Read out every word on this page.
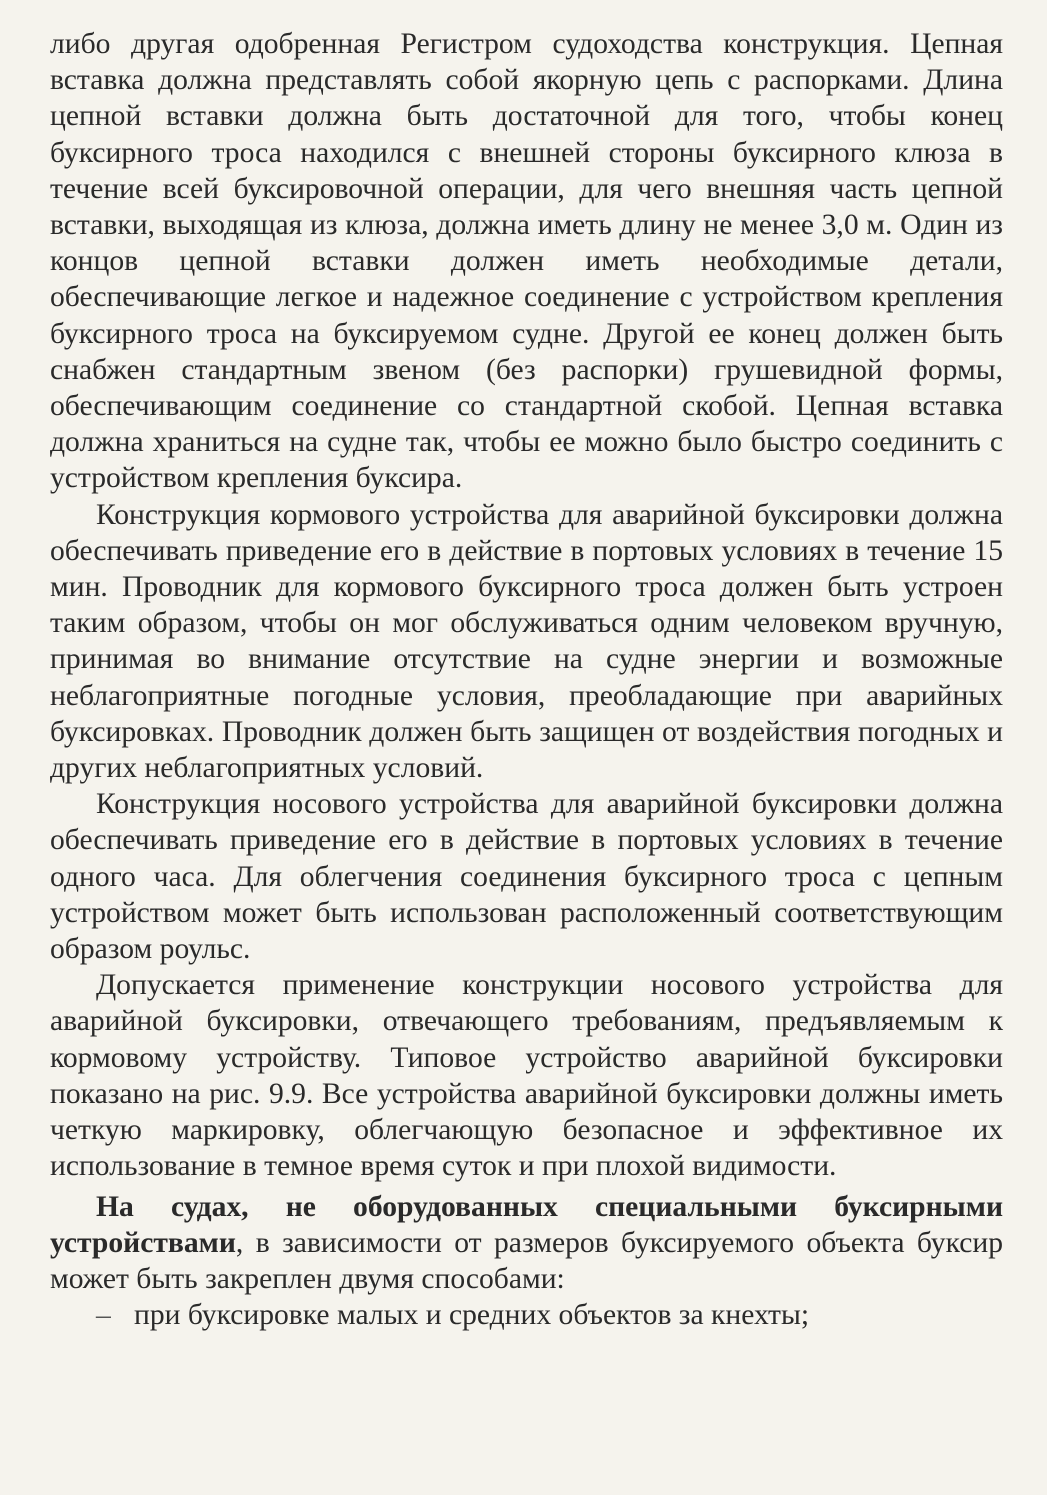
либо другая одобренная Регистром судоходства конструкция. Цепная вставка должна представлять собой якорную цепь с распорками. Длина цепной вставки должна быть достаточной для того, чтобы конец буксирного троса находился с внешней стороны буксирного клюза в течение всей буксировочной операции, для чего внешняя часть цепной вставки, выходящая из клюза, должна иметь длину не менее 3,0 м. Один из концов цепной вставки должен иметь необходимые детали, обеспечивающие легкое и надежное соединение с устройством крепления буксирного троса на буксируемом судне. Другой ее конец должен быть снабжен стандартным звеном (без распорки) грушевидной формы, обеспечивающим соединение со стандартной скобой. Цепная вставка должна храниться на судне так, чтобы ее можно было быстро соединить с устройством крепления буксира.

Конструкция кормового устройства для аварийной буксировки должна обеспечивать приведение его в действие в портовых условиях в течение 15 мин. Проводник для кормового буксирного троса должен быть устроен таким образом, чтобы он мог обслуживаться одним человеком вручную, принимая во внимание отсутствие на судне энергии и возможные неблагоприятные погодные условия, преобладающие при аварийных буксировках. Проводник должен быть защищен от воздействия погодных и других неблагоприятных условий.

Конструкция носового устройства для аварийной буксировки должна обеспечивать приведение его в действие в портовых условиях в течение одного часа. Для облегчения соединения буксирного троса с цепным устройством может быть использован расположенный соответствующим образом роульс.

Допускается применение конструкции носового устройства для аварийной буксировки, отвечающего требованиям, предъявляемым к кормовому устройству. Типовое устройство аварийной буксировки показано на рис. 9.9. Все устройства аварийной буксировки должны иметь четкую маркировку, облегчающую безопасное и эффективное их использование в темное время суток и при плохой видимости.

На судах, не оборудованных специальными буксирными устройствами, в зависимости от размеров буксируемого объекта буксир может быть закреплен двумя способами:

– при буксировке малых и средних объектов за кнехты;
